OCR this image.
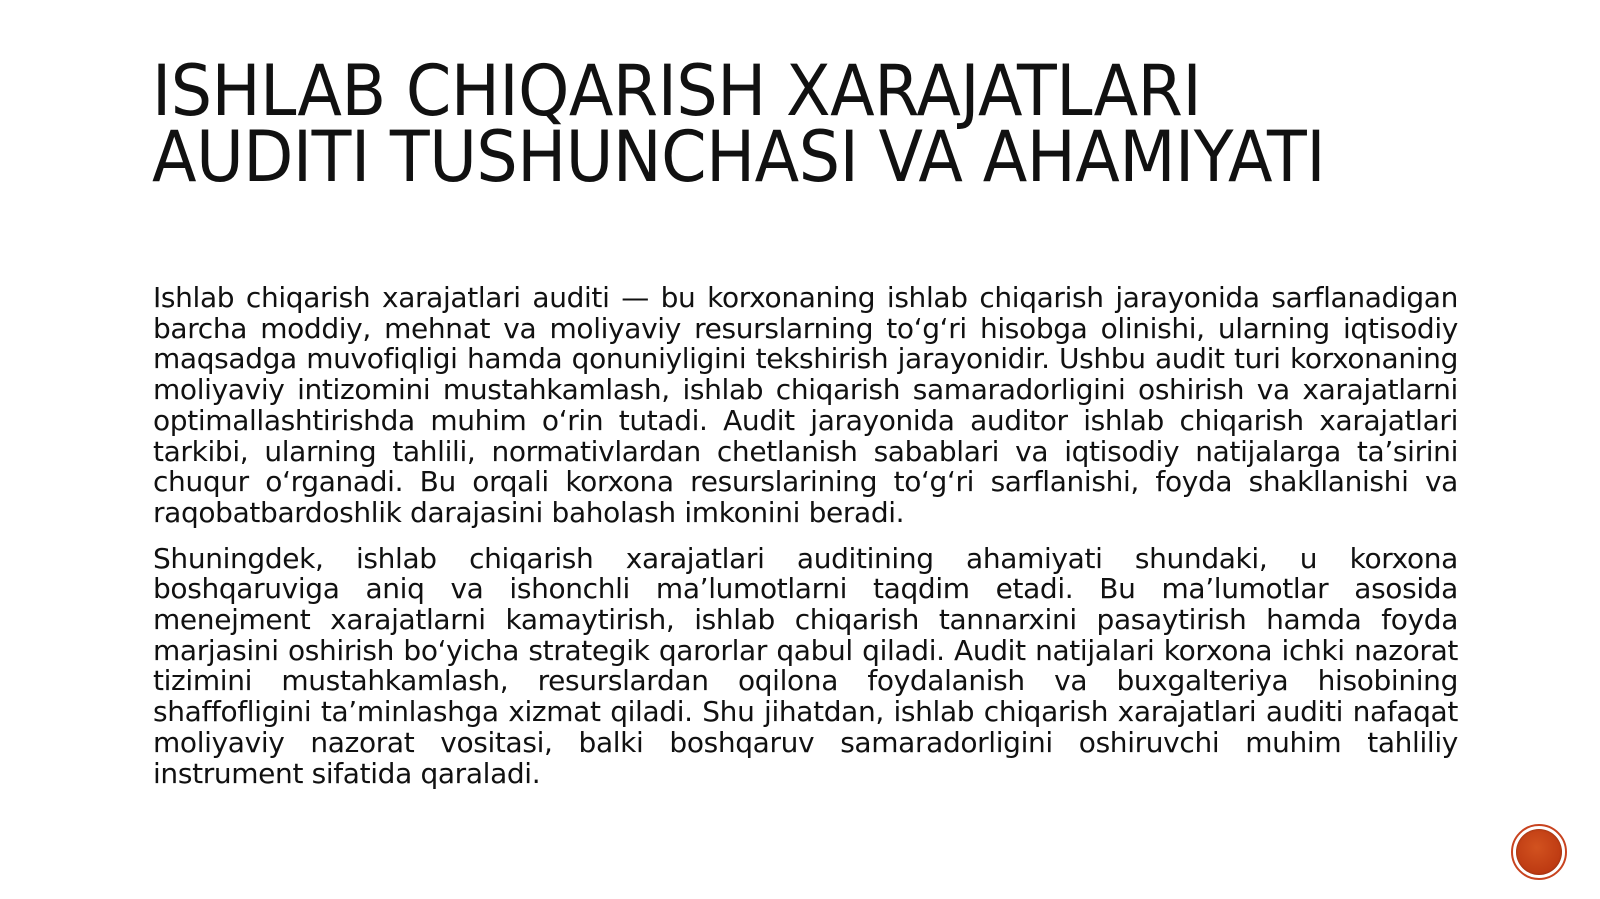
ISHLAB CHIQARISH XARAJATLARI AUDITI TUSHUNCHASI VA AHAMIYATI

Ishlab chiqarish xarajatlari auditi — bu korxonaning ishlab chiqarish jarayonida sarflanadigan barcha moddiy, mehnat va moliyaviy resurslarning to‘g‘ri hisobga olinishi, ularning iqtisodiy maqsadga muvofiqligi hamda qonuniyligini tekshirish jarayonidir. Ushbu audit turi korxonaning moliyaviy intizomini mustahkamlash, ishlab chiqarish samaradorligini oshirish va xarajatlarni optimallashtirishda muhim o‘rin tutadi. Audit jarayonida auditor ishlab chiqarish xarajatlari tarkibi, ularning tahlili, normativlardan chetlanish sabablari va iqtisodiy natijalarga ta’sirini chuqur o‘rganadi. Bu orqali korxona resurslarining to‘g‘ri sarflanishi, foyda shakllanishi va raqobatbardoshlik darajasini baholash imkonini beradi.

Shuningdek, ishlab chiqarish xarajatlari auditining ahamiyati shundaki, u korxona boshqaruviga aniq va ishonchli ma’lumotlarni taqdim etadi. Bu ma’lumotlar asosida menejment xarajatlarni kamaytirish, ishlab chiqarish tannarxini pasaytirish hamda foyda marjasini oshirish bo‘yicha strategik qarorlar qabul qiladi. Audit natijalari korxona ichki nazorat tizimini mustahkamlash, resurslardan oqilona foydalanish va buxgalteriya hisobining shaffofligini ta’minlashga xizmat qiladi. Shu jihatdan, ishlab chiqarish xarajatlari auditi nafaqat moliyaviy nazorat vositasi, balki boshqaruv samaradorligini oshiruvchi muhim tahliliy instrument sifatida qaraladi.
